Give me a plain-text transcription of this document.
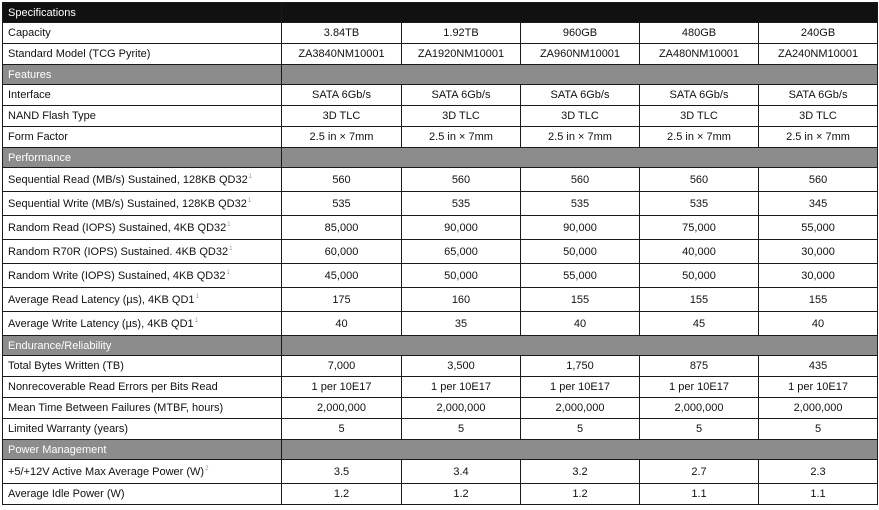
Specifications					
Capacity	3.84TB	1.92TB	960GB	480GB	240GB
Standard Model (TCG Pyrite)	ZA3840NM10001	ZA1920NM10001	ZA960NM10001	ZA480NM10001	ZA240NM10001
Features					
Interface	SATA 6Gb/s	SATA 6Gb/s	SATA 6Gb/s	SATA 6Gb/s	SATA 6Gb/s
NAND Flash Type	3D TLC	3D TLC	3D TLC	3D TLC	3D TLC
Form Factor	2.5 in × 7mm	2.5 in × 7mm	2.5 in × 7mm	2.5 in × 7mm	2.5 in × 7mm
Performance					
Sequential Read (MB/s) Sustained, 128KB $QD32^1$	560	560	560	560	560
Sequential Write (MB/s) Sustained, 128KB $QD32^1$	535	535	535	535	345
Random Read (IOPS) Sustained, 4KB $QD32^1$	85,000	90,000	90,000	75,000	55,000
Random R70R (IOPS) Sustained. 4KB $QD32^1$	60,000	65,000	50,000	40,000	30,000
Random Write (IOPS) Sustained, 4KB $QD32^1$	45,000	50,000	55,000	50,000	30,000
Average Read Latency (µs), 4KB $QD1^1$	175	160	155	155	155
Average Write Latency (µs), 4KB $QD1^1$	40	35	40	45	40
Endurance/Reliability					
Total Bytes Written (TB)	7,000	3,500	1,750	875	435
Nonrecoverable Read Errors per Bits Read	1 per 10E17	1 per 10E17	1 per 10E17	1 per 10E17	1 per 10E17
Mean Time Between Failures (MTBF, hours)	2,000,000	2,000,000	2,000,000	2,000,000	2,000,000
Limited Warranty (years)	5	5	5	5	5
Power Management					
+5/+12V Active Max Average Power $(W)^2$	3.5	3.4	3.2	2.7	2.3
Average Idle Power (W)	1.2	1.2	1.2	1.1	1.1
